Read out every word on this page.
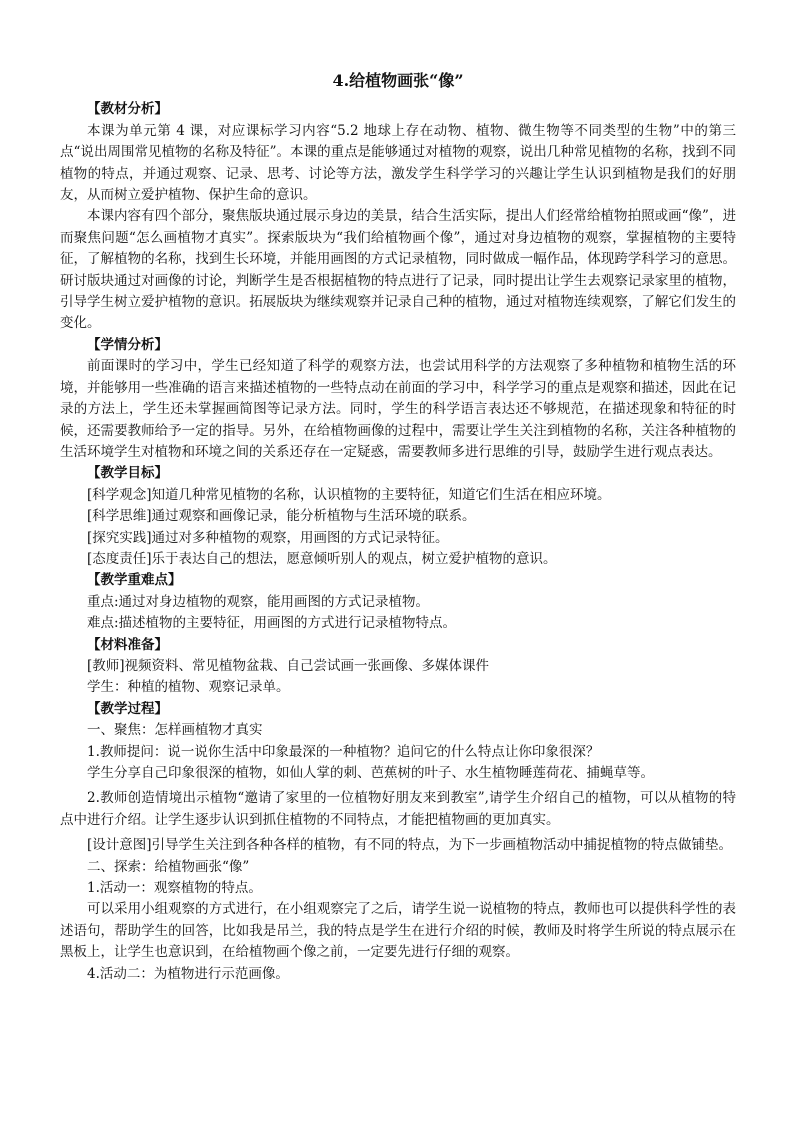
4.给植物画张“像”
【教材分析】
本课为单元第 4 课，对应课标学习内容“5.2 地球上存在动物、植物、微生物等不同类型的生物”中的第三点“说出周围常见植物的名称及特征”。本课的重点是能够通过对植物的观察，说出几种常见植物的名称，找到不同植物的特点，并通过观察、记录、思考、讨论等方法，激发学生科学学习的兴趣让学生认识到植物是我们的好朋友，从而树立爱护植物、保护生命的意识。
本课内容有四个部分，聚焦版块通过展示身边的美景，结合生活实际，提出人们经常给植物拍照或画“像”，进而聚焦问题“怎么画植物才真实”。探索版块为“我们给植物画个像”，通过对身边植物的观察，掌握植物的主要特征，了解植物的名称，找到生长环境，并能用画图的方式记录植物，同时做成一幅作品，体现跨学科学习的意思。研讨版块通过对画像的讨论，判断学生是否根据植物的特点进行了记录，同时提出让学生去观察记录家里的植物，引导学生树立爱护植物的意识。拓展版块为继续观察并记录自己种的植物，通过对植物连续观察，了解它们发生的变化。
【学情分析】
前面课时的学习中，学生已经知道了科学的观察方法，也尝试用科学的方法观察了多种植物和植物生活的环境，并能够用一些准确的语言来描述植物的一些特点动在前面的学习中，科学学习的重点是观察和描述，因此在记录的方法上，学生还未掌握画简图等记录方法。同时，学生的科学语言表达还不够规范，在描述现象和特征的时候，还需要教师给予一定的指导。另外，在给植物画像的过程中，需要让学生关注到植物的名称，关注各种植物的生活环境学生对植物和环境之间的关系还存在一定疑惑，需要教师多进行思维的引导，鼓励学生进行观点表达。
【教学目标】
[科学观念]知道几种常见植物的名称，认识植物的主要特征，知道它们生活在相应环境。
[科学思维]通过观察和画像记录，能分析植物与生活环境的联系。
[探究实践]通过对多种植物的观察，用画图的方式记录特征。
[态度责任]乐于表达自己的想法，愿意倾听别人的观点，树立爱护植物的意识。
【教学重难点】
重点:通过对身边植物的观察，能用画图的方式记录植物。
难点:描述植物的主要特征，用画图的方式进行记录植物特点。
【材料准备】
[教师]视频资料、常见植物盆栽、自己尝试画一张画像、多媒体课件
学生：种植的植物、观察记录单。
【教学过程】
一、聚焦：怎样画植物才真实
1.教师提问：说一说你生活中印象最深的一种植物？追问它的什么特点让你印象很深？
学生分享自己印象很深的植物，如仙人掌的刺、芭蕉树的叶子、水生植物睡莲荷花、捕蝇草等。
2.教师创造情境出示植物“邀请了家里的一位植物好朋友来到教室”,请学生介绍自己的植物，可以从植物的特点中进行介绍。让学生逐步认识到抓住植物的不同特点，才能把植物画的更加真实。
[设计意图]引导学生关注到各种各样的植物，有不同的特点，为下一步画植物活动中捕捉植物的特点做铺垫。
二、探索：给植物画张“像”
1.活动一：观察植物的特点。
可以采用小组观察的方式进行，在小组观察完了之后，请学生说一说植物的特点，教师也可以提供科学性的表述语句，帮助学生的回答，比如我是吊兰，我的特点是学生在进行介绍的时候，教师及时将学生所说的特点展示在黑板上，让学生也意识到，在给植物画个像之前，一定要先进行仔细的观察。
4.活动二：为植物进行示范画像。
